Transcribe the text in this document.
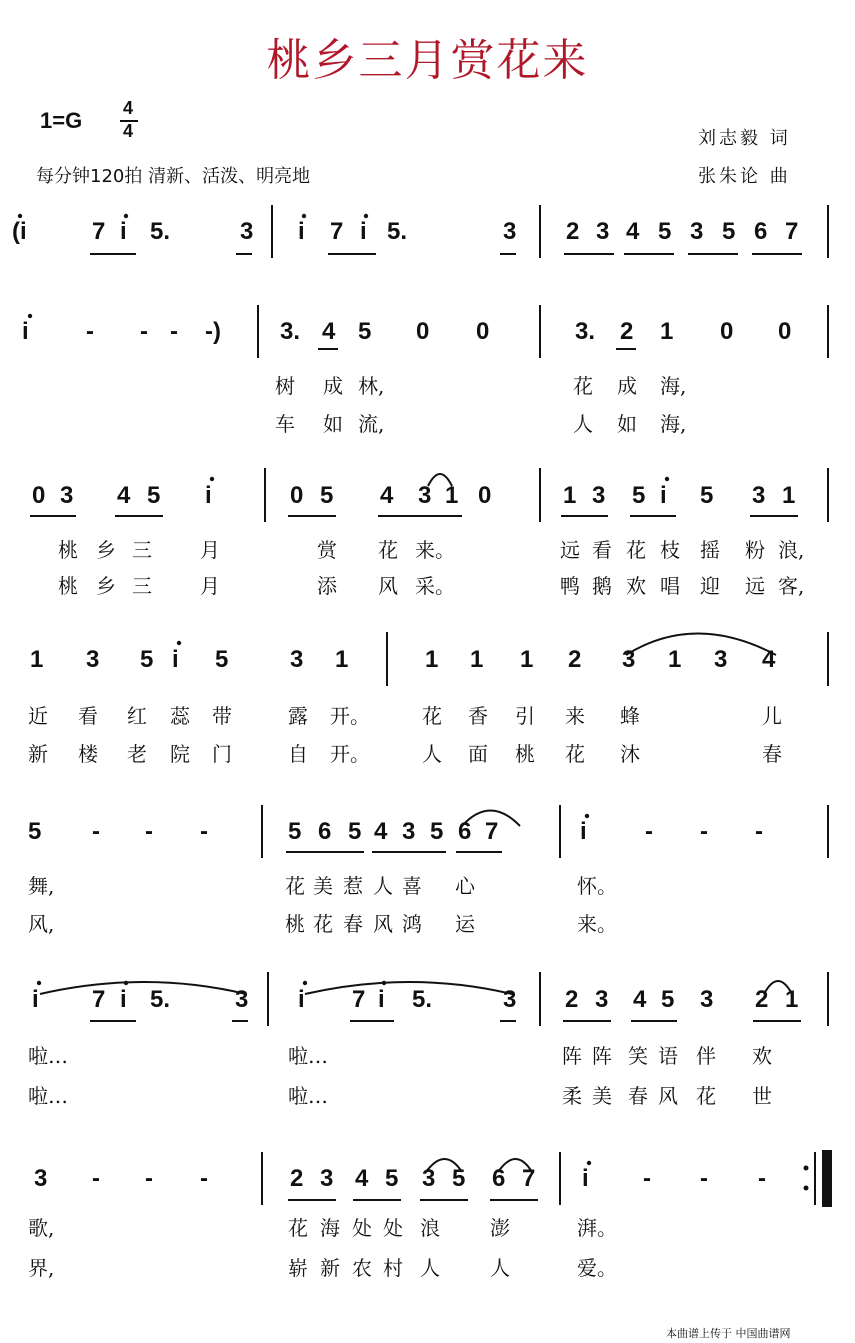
桃乡三月赏花来
1=G 4
4
每分钟120拍 清新、活泼、明亮地
刘志毅 词
张朱论 曲
(i	7 i 5.	3 i 7 i 5.	3 2 3 4 5 3 5 6 7
i - - - -) 3. 4 5 0 0	3. 2 1 0 0
树 成 林,	花 成 海,
车 如 流,	人 如 海,
0 3 4 5 i	0 5 4 3 1 0	1 3 5 i 5 3 1
桃 乡 三 月	赏 花 来。	远 看 花 枝 摇 粉 浪,
桃 乡 三 月	添 风 采。	鸭 鹅 欢 唱 迎 远 客,
1 3 5 i 5	3 1	1 1 1 2 3 1 3 4
近 看 红 蕊 带	露 开。	花 香 引 来 蜂	儿
新 楼 老 院 门	自 开。	人 面 桃 花 沐	春
5 - - -	5 6 5 4 3 5 6 7	i - - -
舞,	花 美 惹 人 喜 心	怀。
风,	桃 花 春 风 鸿 运	来。
i 7 i 5.	3 i 7 i 5.	3 2 3 4 5 3 2 1
啦…	啦…	阵 阵 笑 语 伴 欢
啦…	啦…	柔 美 春 风 花 世
3 - - -	2 3 4 5 3 5 6 7 i - - -
歌,	花 海 处 处 浪	澎	湃。
界,	崭 新 农 村 人	人	爱。
本曲谱上传于 中国曲谱网
